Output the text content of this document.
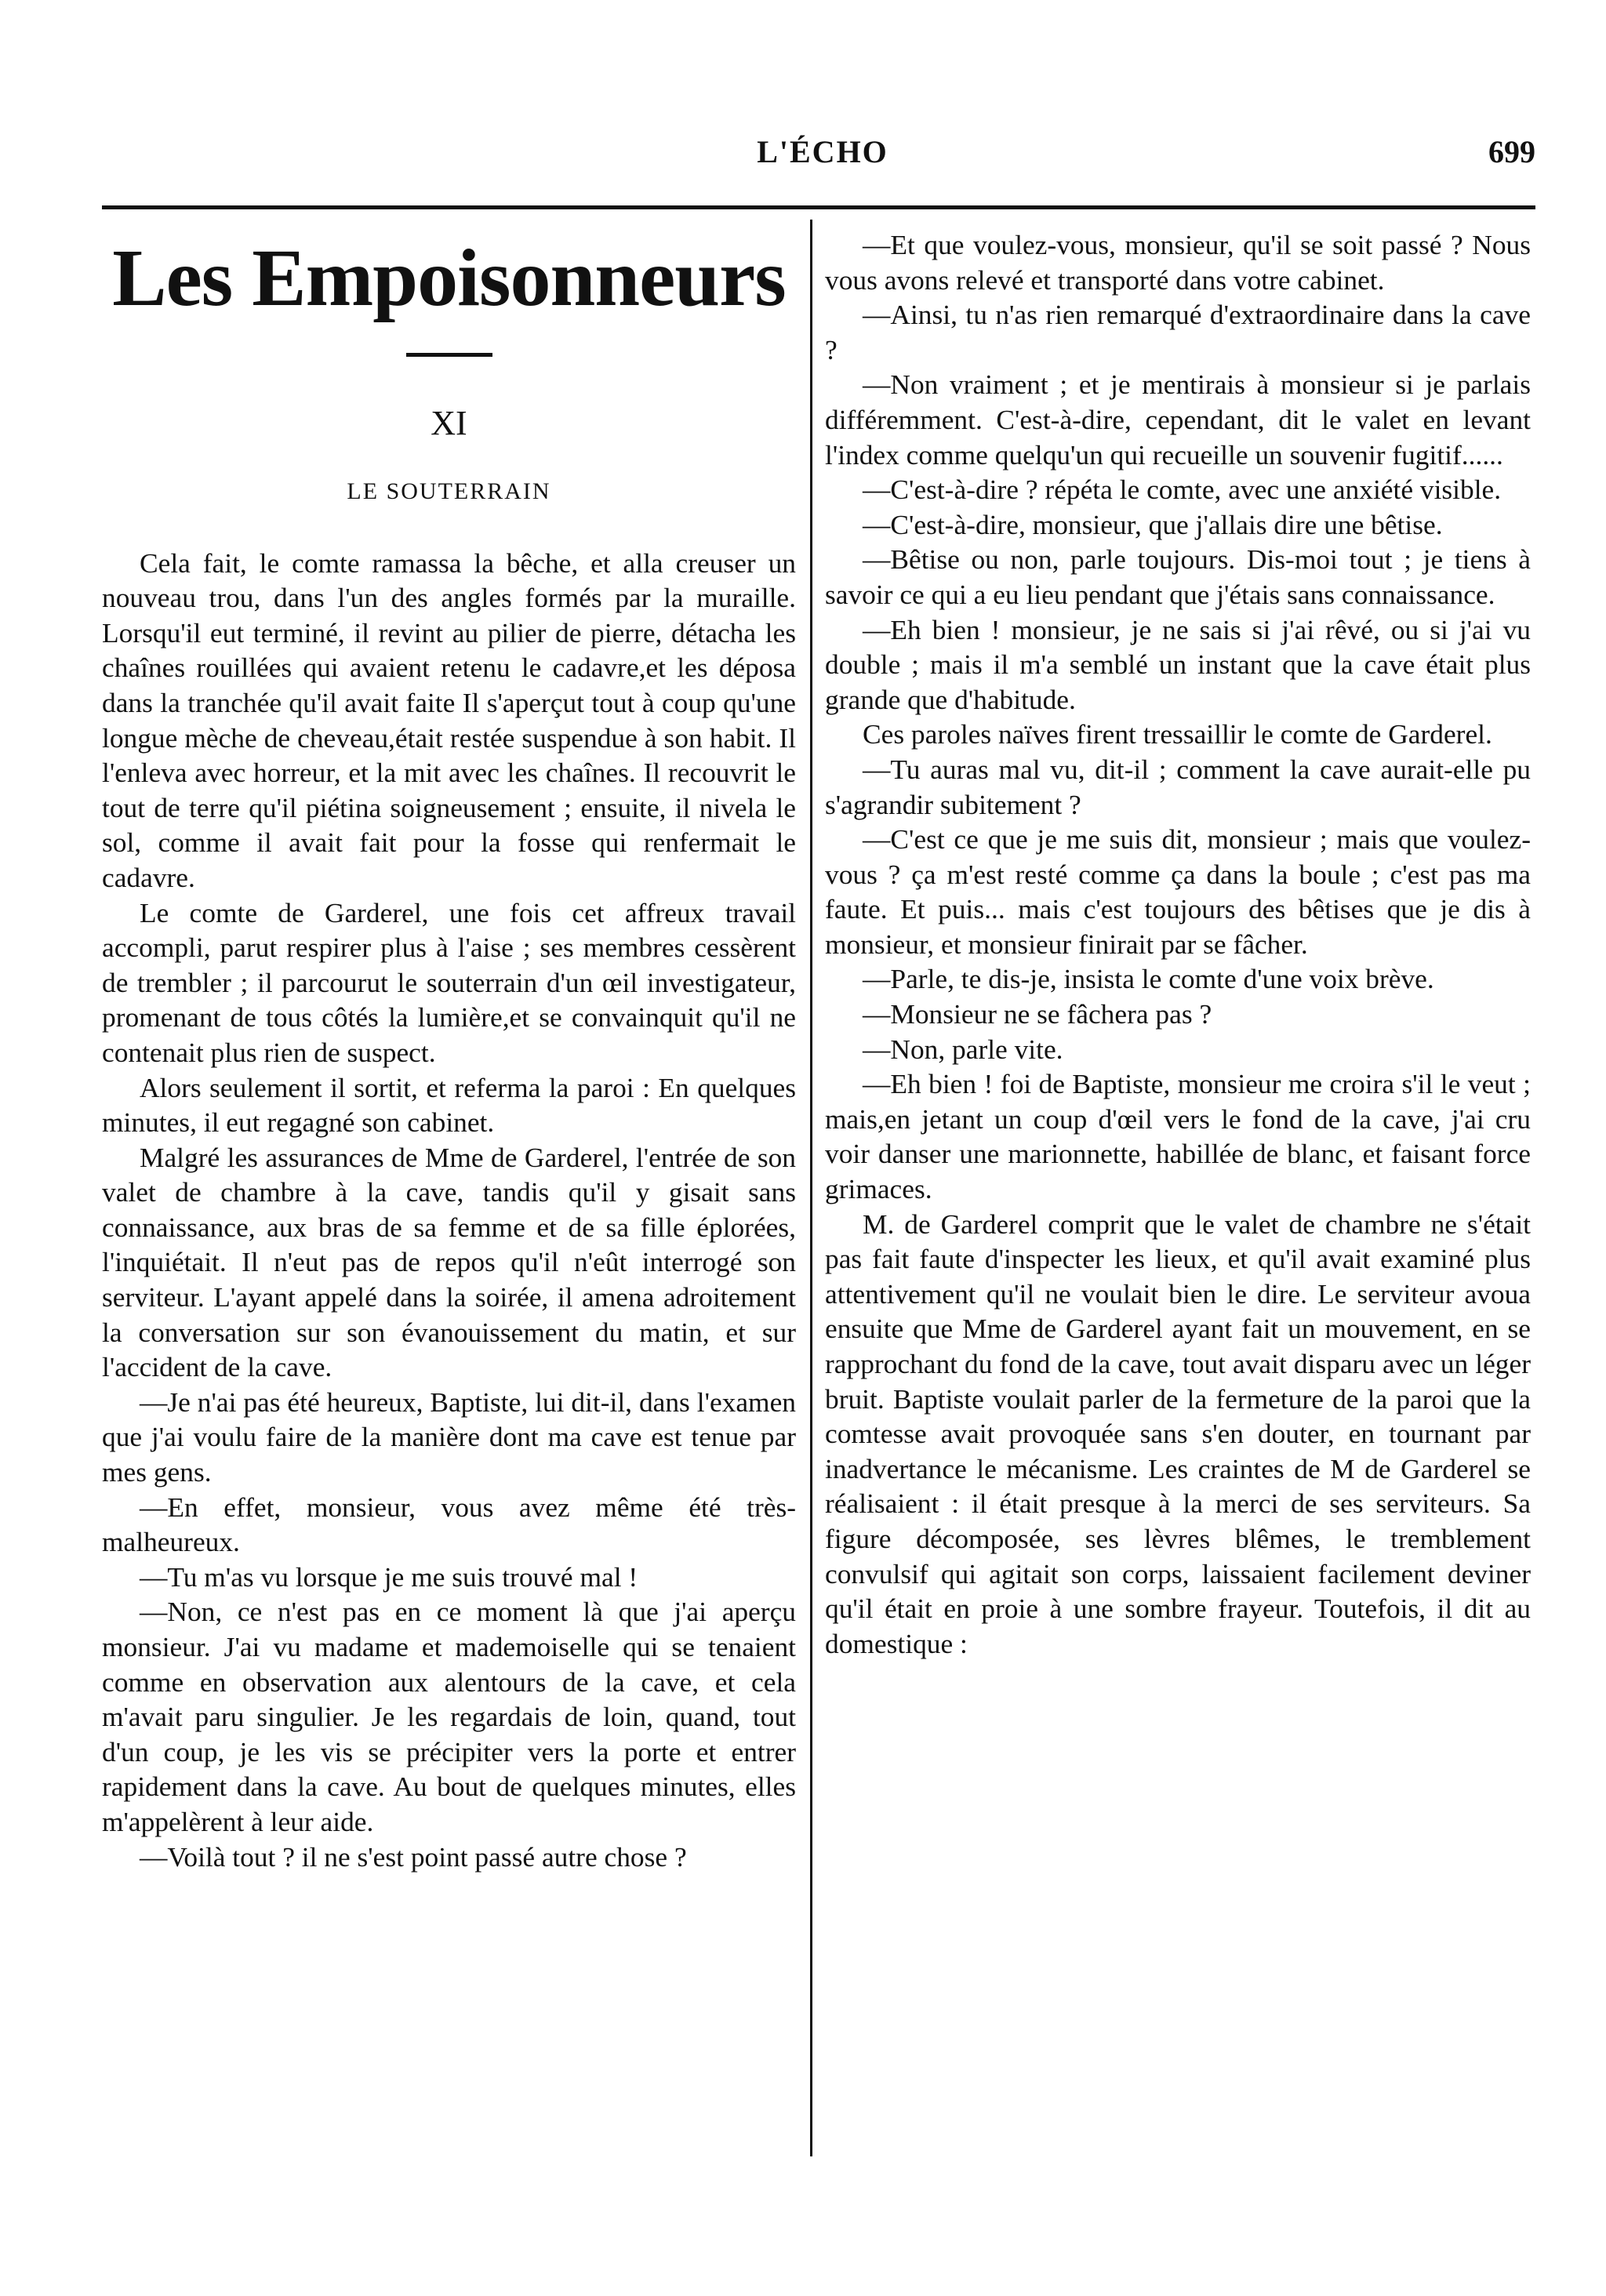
L'ÉCHO	699
Les Empoisonneurs
XI
LE SOUTERRAIN

Cela fait, le comte ramassa la bêche, et alla creuser un nouveau trou, dans l'un des angles formés par la muraille. Lorsqu'il eut terminé, il revint au pilier de pierre, détacha les chaînes rouillées qui avaient retenu le cadavre,et les déposa dans la tranchée qu'il avait faite Il s'aperçut tout à coup qu'une longue mèche de cheveau,était restée suspendue à son habit. Il l'enleva avec horreur, et la mit avec les chaînes. Il recouvrit le tout de terre qu'il piétina soigneusement ; ensuite, il nivela le sol, comme il avait fait pour la fosse qui renfermait le cadavre.

Le comte de Garderel, une fois cet affreux travail accompli, parut respirer plus à l'aise ; ses membres cessèrent de trembler ; il parcourut le souterrain d'un œil investigateur, promenant de tous côtés la lumière,et se convainquit qu'il ne contenait plus rien de suspect.

Alors seulement il sortit, et referma la paroi : En quelques minutes, il eut regagné son cabinet.

Malgré les assurances de Mme de Garderel, l'entrée de son valet de chambre à la cave, tandis qu'il y gisait sans connaissance, aux bras de sa femme et de sa fille éplorées, l'inquiétait. Il n'eut pas de repos qu'il n'eût interrogé son serviteur. L'ayant appelé dans la soirée, il amena adroitement la conversation sur son évanouissement du matin, et sur l'accident de la cave.

—Je n'ai pas été heureux, Baptiste, lui dit-il, dans l'examen que j'ai voulu faire de la manière dont ma cave est tenue par mes gens.

—En effet, monsieur, vous avez même été très-malheureux.

—Tu m'as vu lorsque je me suis trouvé mal !

—Non, ce n'est pas en ce moment là que j'ai aperçu monsieur. J'ai vu madame et mademoiselle qui se tenaient comme en observation aux alentours de la cave, et cela m'avait paru singulier. Je les regardais de loin, quand, tout d'un coup, je les vis se précipiter vers la porte et entrer rapidement dans la cave. Au bout de quelques minutes, elles m'appelèrent à leur aide.

—Voilà tout ? il ne s'est point passé autre chose ?

—Et que voulez-vous, monsieur, qu'il se soit passé ? Nous vous avons relevé et transporté dans votre cabinet.

—Ainsi, tu n'as rien remarqué d'extraordinaire dans la cave ?

—Non vraiment ; et je mentirais à monsieur si je parlais différemment. C'est-à-dire, cependant, dit le valet en levant l'index comme quelqu'un qui recueille un souvenir fugitif......

—C'est-à-dire ? répéta le comte, avec une anxiété visible.

—C'est-à-dire, monsieur, que j'allais dire une bêtise.

—Bêtise ou non, parle toujours. Dis-moi tout ; je tiens à savoir ce qui a eu lieu pendant que j'étais sans connaissance.

—Eh bien ! monsieur, je ne sais si j'ai rêvé, ou si j'ai vu double ; mais il m'a semblé un instant que la cave était plus grande que d'habitude.

Ces paroles naïves firent tressaillir le comte de Garderel.

—Tu auras mal vu, dit-il ; comment la cave aurait-elle pu s'agrandir subitement ?

—C'est ce que je me suis dit, monsieur ; mais que voulez-vous ? ça m'est resté comme ça dans la boule ; c'est pas ma faute. Et puis... mais c'est toujours des bêtises que je dis à monsieur, et monsieur finirait par se fâcher.

—Parle, te dis-je, insista le comte d'une voix brève.

—Monsieur ne se fâchera pas ?

—Non, parle vite.

—Eh bien ! foi de Baptiste, monsieur me croira s'il le veut ; mais,en jetant un coup d'œil vers le fond de la cave, j'ai cru voir danser une marionnette, habillée de blanc, et faisant force grimaces.

M. de Garderel comprit que le valet de chambre ne s'était pas fait faute d'inspecter les lieux, et qu'il avait examiné plus attentivement qu'il ne voulait bien le dire. Le serviteur avoua ensuite que Mme de Garderel ayant fait un mouvement, en se rapprochant du fond de la cave, tout avait disparu avec un léger bruit. Baptiste voulait parler de la fermeture de la paroi que la comtesse avait provoquée sans s'en douter, en tournant par inadvertance le mécanisme. Les craintes de M de Garderel se réalisaient : il était presque à la merci de ses serviteurs. Sa figure décomposée, ses lèvres blêmes, le tremblement convulsif qui agitait son corps, laissaient facilement deviner qu'il était en proie à une sombre frayeur. Toutefois, il dit au domestique :
